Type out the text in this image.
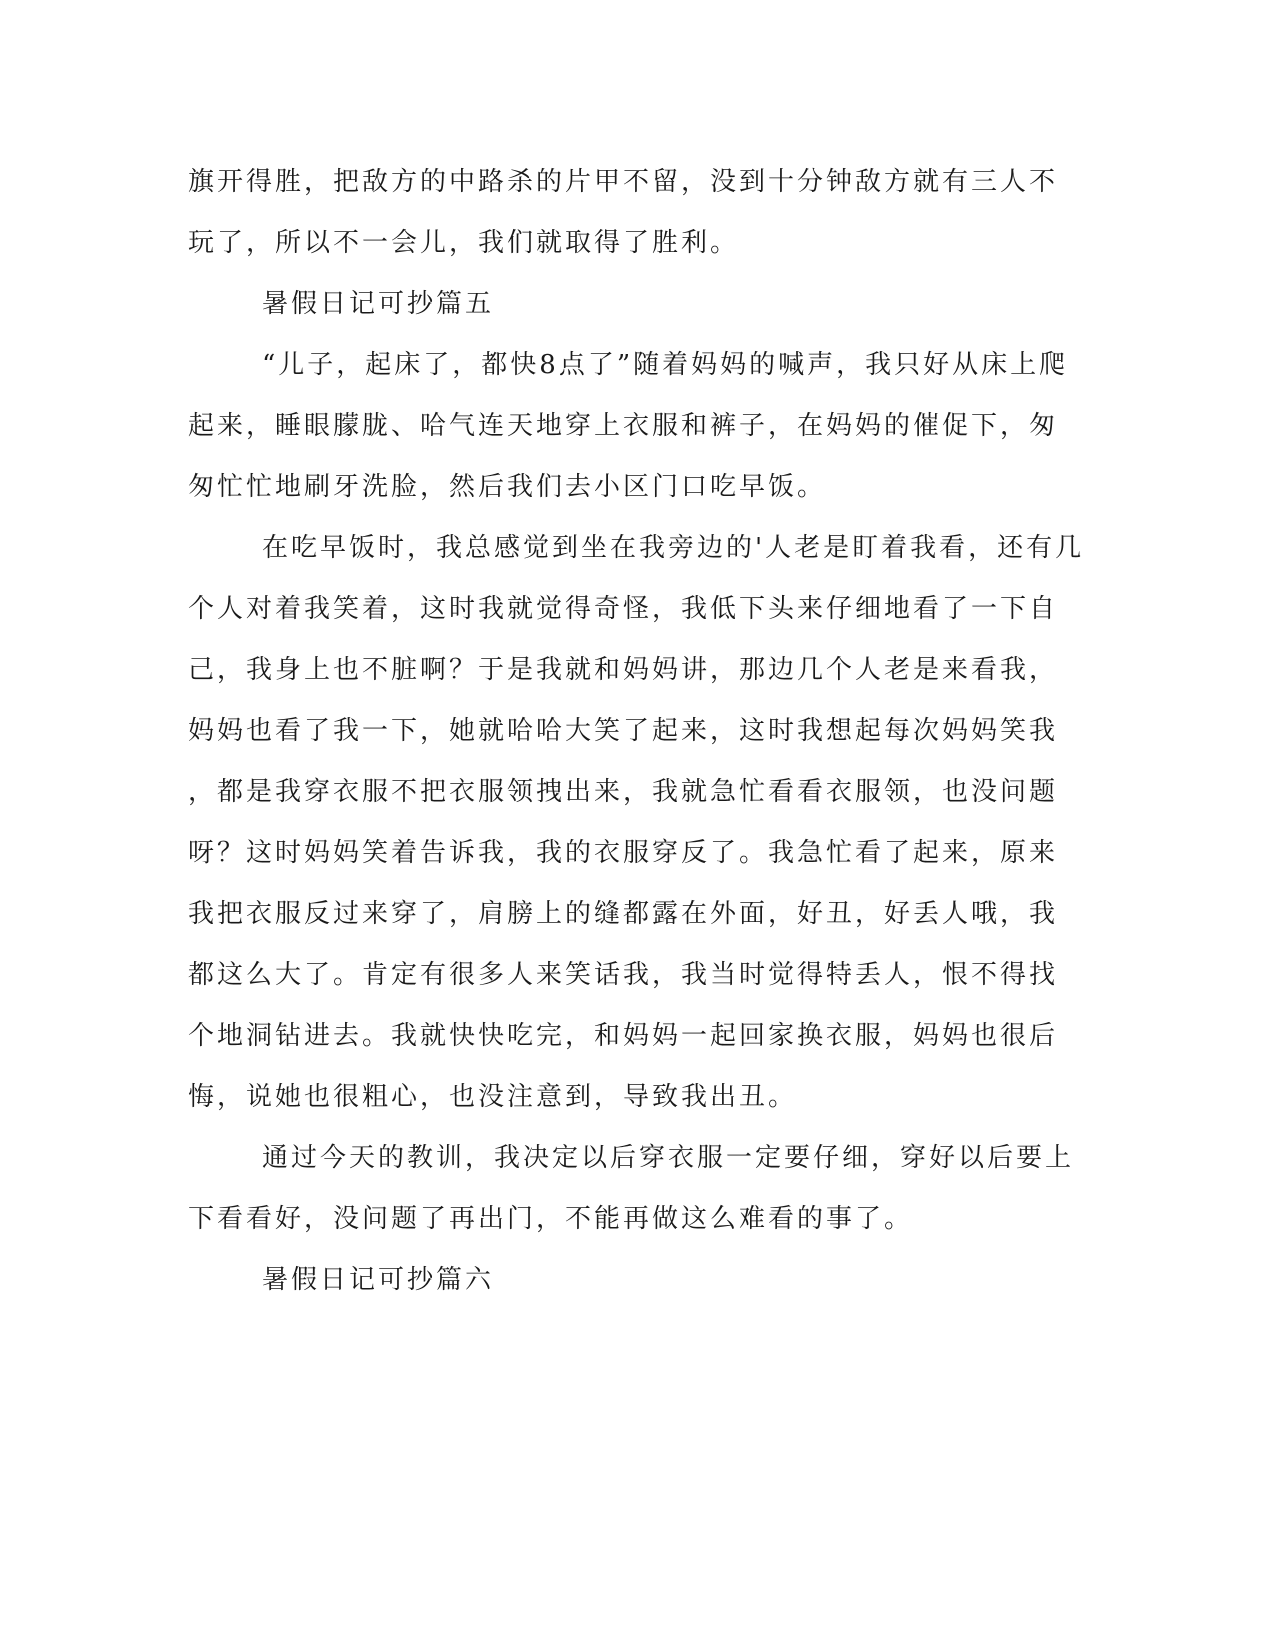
旗开得胜，把敌方的中路杀的片甲不留，没到十分钟敌方就有三人不
玩了，所以不一会儿，我们就取得了胜利。
暑假日记可抄篇五
“儿子，起床了，都快8点了”随着妈妈的喊声，我只好从床上爬
起来，睡眼朦胧、哈气连天地穿上衣服和裤子，在妈妈的催促下，匆
匆忙忙地刷牙洗脸，然后我们去小区门口吃早饭。
在吃早饭时，我总感觉到坐在我旁边的'人老是盯着我看，还有几
个人对着我笑着，这时我就觉得奇怪，我低下头来仔细地看了一下自
己，我身上也不脏啊？于是我就和妈妈讲，那边几个人老是来看我，
妈妈也看了我一下，她就哈哈大笑了起来，这时我想起每次妈妈笑我
，都是我穿衣服不把衣服领拽出来，我就急忙看看衣服领，也没问题
呀？这时妈妈笑着告诉我，我的衣服穿反了。我急忙看了起来，原来
我把衣服反过来穿了，肩膀上的缝都露在外面，好丑，好丢人哦，我
都这么大了。肯定有很多人来笑话我，我当时觉得特丢人，恨不得找
个地洞钻进去。我就快快吃完，和妈妈一起回家换衣服，妈妈也很后
悔，说她也很粗心，也没注意到，导致我出丑。
通过今天的教训，我决定以后穿衣服一定要仔细，穿好以后要上
下看看好，没问题了再出门，不能再做这么难看的事了。
暑假日记可抄篇六
